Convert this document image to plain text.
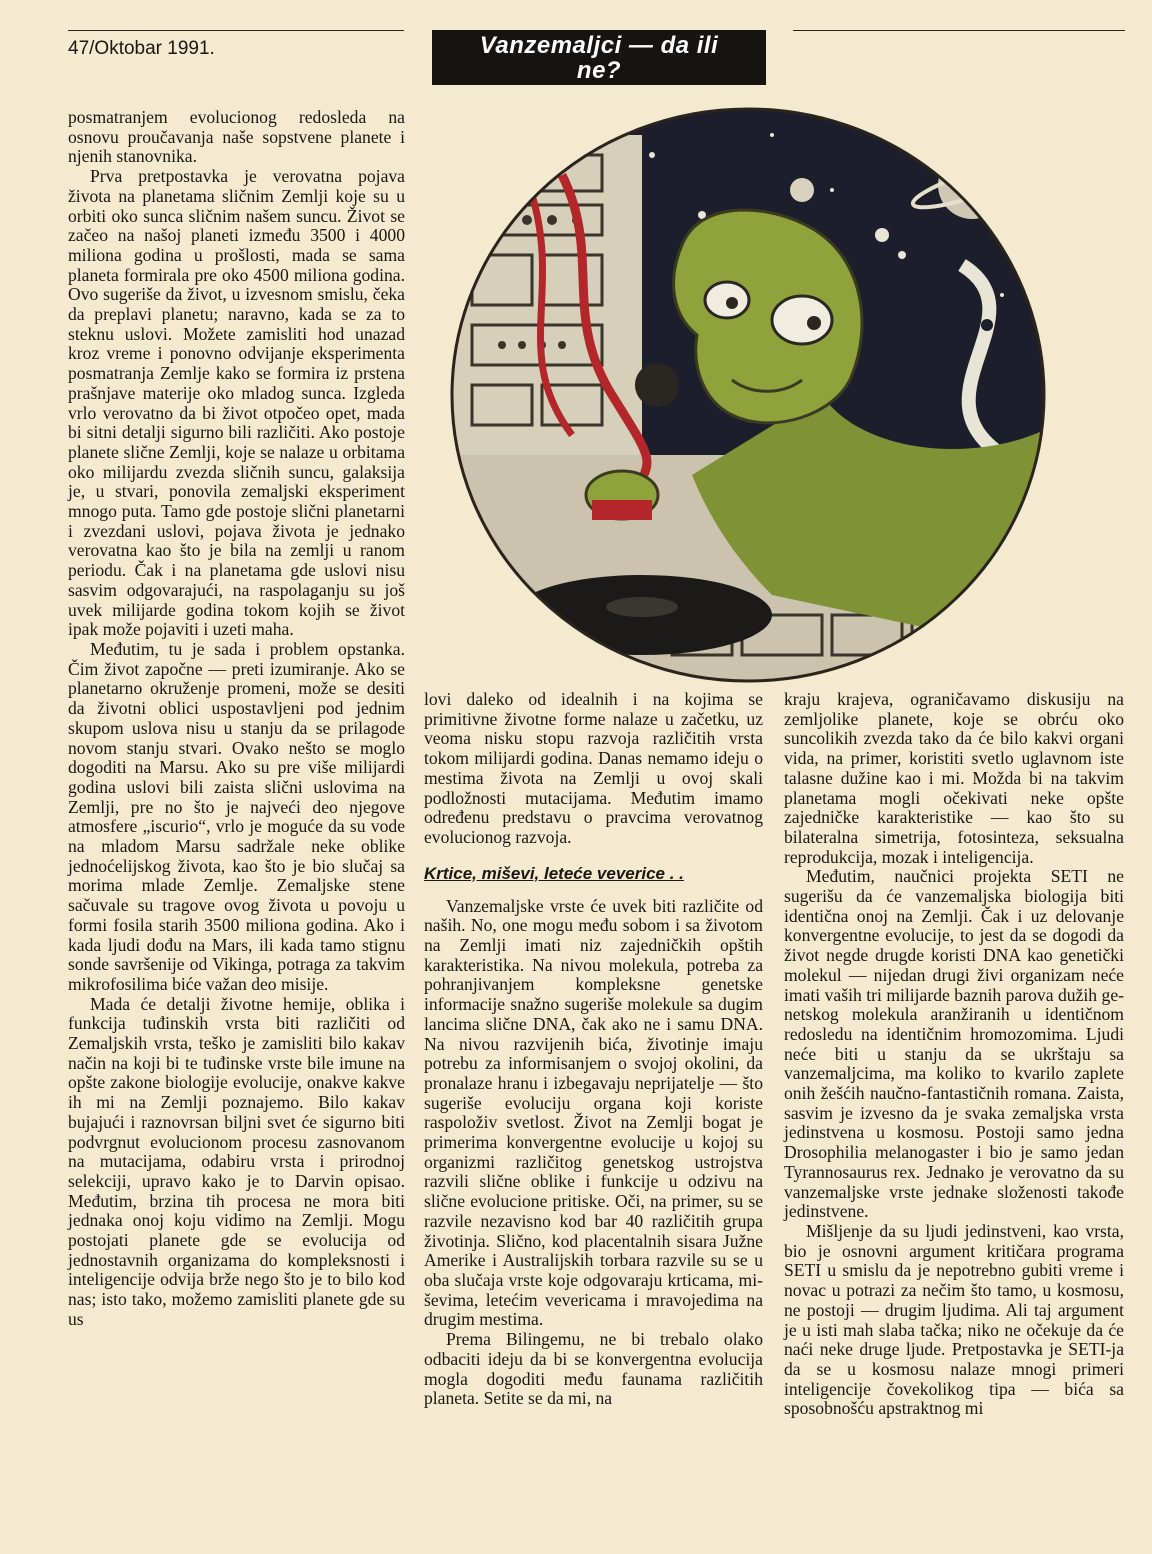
47/Oktobar 1991.	Vanzemaljci — da ili
ne?

posmatranjem evolucionog redosleda na osnovu proučavanja naše sopstvene planete i njenih stanovnika.

Prva pretpostavka je verovatna pojava života na planetama sličnim Zemlji koje su u orbiti oko sunca sličnim našem suncu. Život se začeo na našoj planeti između 3500 i 4000 miliona godina u prošlosti, mada se sama planeta formirala pre oko 4500 miliona godina. Ovo sugeriše da život, u izvesnom smislu, čeka da preplavi planetu; naravno, kada se za to steknu uslovi. Možete zamisliti hod unazad kroz vreme i ponovno odvijanje eksperimenta posmatranja Zemlje kako se formira iz prstena prašnjave materije oko mladog sunca. Izgleda vrlo verovatno da bi život otpočeo opet, mada bi sitni detalji sigurno bili različiti. Ako postoje planete slične Zemlji, koje se nalaze u orbitama oko milijardu zvezda sličnih suncu, galaksija je, u stvari, ponovila zemaljski eksperiment mnogo puta. Tamo gde postoje slični planetarni i zvezdani uslovi, pojava života je jednako verovatna kao što je bila na zemlji u ranom periodu. Čak i na planetama gde uslovi nisu sasvim odgovarajući, na raspolaganju su još uvek milijarde godina tokom kojih se život ipak može pojaviti i uzeti maha.

Međutim, tu je sada i problem opstanka. Čim život započne — preti izumiranje. Ako se planetarno okruženje promeni, može se desiti da životni oblici uspostavljeni pod jednim skupom uslova nisu u stanju da se prilagode novom stanju stvari. Ovako nešto se moglo dogoditi na Marsu. Ako su pre više milijardi godina uslovi bili zaista slični uslovima na Zemlji, pre no što je najveći deo njegove atmosfere „iscurio“, vrlo je moguće da su vode na mladom Marsu sadržale neke oblike jednoćelijskog života, kao što je bio slučaj sa morima mlade Zemlje. Zemaljske stene sačuvale su tragove ovog života u povoju u formi fosila starih 3500 miliona godina. Ako i kada ljudi dođu na Mars, ili kada tamo stignu sonde savršenije od Vikinga, potraga za takvim mikrofosilima biće važan deo misije.

Mada će detalji životne hemije, oblika i funkcija tuđinskih vrsta biti različiti od Zemaljskih vrsta, teško je zamisliti bilo kakav način na koji bi te tuđinske vrste bile imune na opšte zakone biologije evolucije, onakve kakve ih mi na Zemlji poznajemo. Bilo kakav bujajući i raznovrsan biljni svet će sigurno biti podvrgnut evolucionom procesu zasnovanom na mutacijama, odabiru vrsta i prirodnoj selekciji, upravo kako je to Darvin opisao. Međutim, brzina tih procesa ne mora biti jednaka onoj koju vidimo na Zemlji. Mogu postojati planete gde se evolucija od jednostavnih organizama do kompleksnosti i inteligencije odvija brže nego što je to bilo kod nas; isto tako, možemo zamisliti planete gde su us

lovi daleko od idealnih i na kojima se primitivne životne forme nalaze u začetku, uz veoma nisku stopu razvoja različitih vrsta tokom milijardi godina. Danas nemamo ideju o mestima života na Zemlji u ovoj skali podložnosti mutacijama. Međutim imamo određenu predstavu o pravcima verovatnog evolucionog razvoja.

Krtice, miševi, leteće veverice . .

Vanzemaljske vrste će uvek biti različite od naših. No, one mogu među sobom i sa životom na Zemlji imati niz zajedničkih opštih karakteristika. Na nivou molekula, potreba za pohranjivanjem kompleksne genetske informacije snažno sugeriše molekule sa dugim lancima slične DNA, čak ako ne i samu DNA. Na nivou razvijenih bića, životinje imaju potrebu za informisanjem o svojoj okolini, da pronalaze hranu i izbegavaju neprijatelje — što sugeriše evoluciju organa koji koriste raspoloživ svetlost. Život na Zemlji bogat je primerima konvergentne evolucije u kojoj su organizmi različitog genetskog ustrojstva razvili slične oblike i funkcije u odzivu na slične evolucione pritiske. Oči, na primer, su se razvile nezavisno kod bar 40 različitih grupa životinja. Slično, kod placentalnih sisara Južne Amerike i Australijskih torbara razvile su se u oba slučaja vrste koje odgovaraju krticama, miševima, letećim vevericama i mravojedima na drugim mestima.

Prema Bilingemu, ne bi trebalo olako odbaciti ideju da bi se konvergentna evolucija mogla dogoditi među faunama različitih planeta. Setite se da mi, na

kraju krajeva, ograničavamo diskusiju na zemljolike planete, koje se obrću oko suncolikih zvezda tako da će bilo kakvi organi vida, na primer, koristiti svetlo uglavnom iste talasne dužine kao i mi. Možda bi na takvim planetama mogli očekivati neke opšte zajedničke karakteristike — kao što su bilateralna simetrija, fotosinteza, seksualna reprodukcija, mozak i inteligencija.

Međutim, naučnici projekta SETI ne sugerišu da će vanzemaljska biologija biti identična onoj na Zemlji. Čak i uz delovanje konvergentne evolucije, to jest da se dogodi da život negde drugde koristi DNA kao genetički molekul — nijedan drugi živi organizam neće imati vaših tri milijarde baznih parova dužih genetskog molekula aranžiranih u identičnom redosledu na identičnim hromozomima. Ljudi neće biti u stanju da se ukrštaju sa vanzemaljcima, ma koliko to kvarilo zaplete onih žešćih naučno-fantastičnih romana. Zaista, sasvim je izvesno da je svaka zemaljska vrsta jedinstvena u kosmosu. Postoji samo jedna Drosophilia melanogaster i bio je samo jedan Tyrannosaurus rex. Jednako je verovatno da su vanzemaljske vrste jednake složenosti takođe jedinstvene.

Mišljenje da su ljudi jedinstveni, kao vrsta, bio je osnovni argument kritičara programa SETI u smislu da je nepotrebno gubiti vreme i novac u potrazi za nečim što tamo, u kosmosu, ne postoji — drugim ljudima. Ali taj argument je u isti mah slaba tačka; niko ne očekuje da će naći neke druge ljude. Pretpostavka je SETI-ja da se u kosmosu nalaze mnogi primeri inteligencije čovekolikog tipa — bića sa sposobnošću apstraktnog mi
